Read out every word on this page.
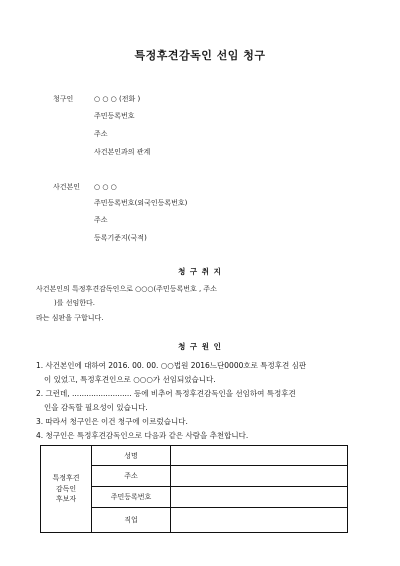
특정후견감독인 선임 청구
청구인	○ ○ ○ (전화 )
주민등록번호
주소
사건본인과의 관계
사건본인 ○ ○ ○
주민등록번호(외국인등록번호)
주소
등록기준지(국적)
청 구 취 지
사건본인의 특정후견감독인으로 ○○○(주민등록번호 , 주소
)를 선임한다.
라는 심판을 구합니다.
청 구 원 인
1. 사건본인에 대하여 2016. 00. 00. ○○법원 2016느단0000호로 특정후견 심판
이 있었고, 특정후견인으로 ○○○가 선임되었습니다.
2. 그런데, ......................... 등에 비추어 특정후견감독인을 선임하여 특정후견
인을 감독할 필요성이 있습니다.
3. 따라서 청구인은 이건 청구에 이르렀습니다.
4. 청구인은 특정후견감독인으로 다음과 같은 사람을 추천합니다.
특정후견
감독인
후보자	성명	
	주소	
	주민등록번호	
	직업	
